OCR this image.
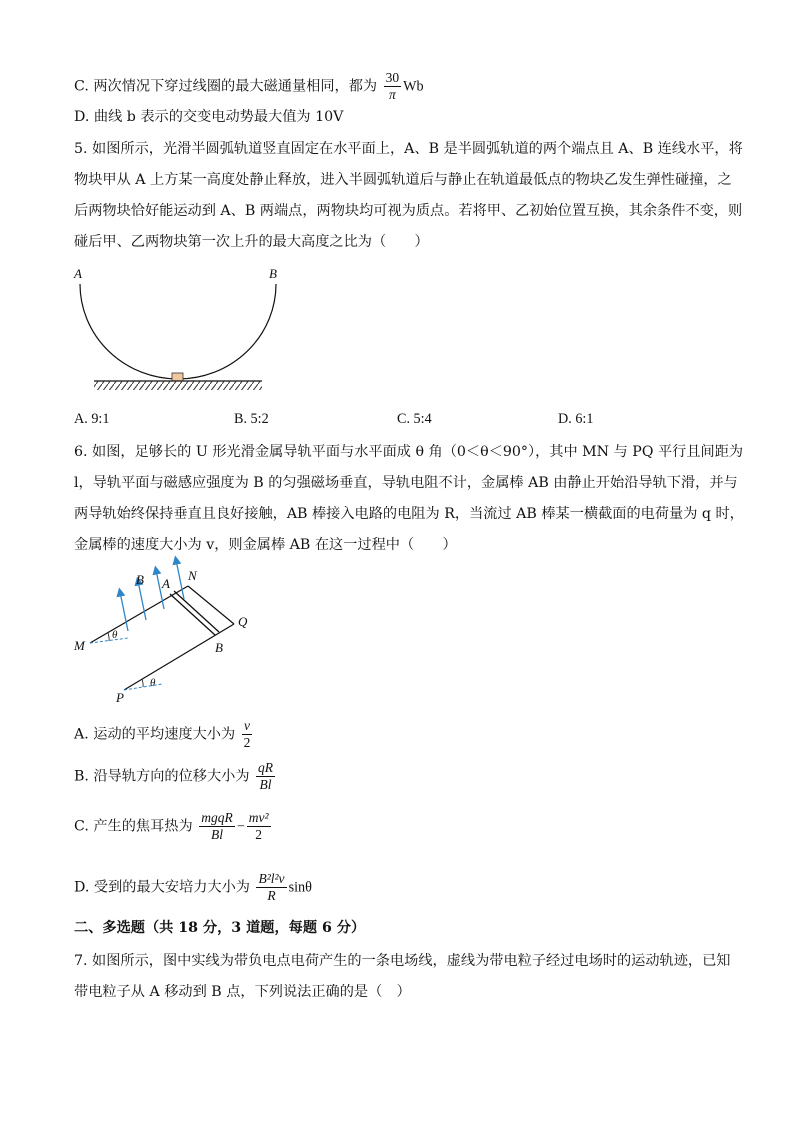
C. 两次情况下穿过线圈的最大磁通量相同，都为 $\frac{30}{\pi}$ Wb
D. 曲线 b 表示的交变电动势最大值为 10V
5. 如图所示，光滑半圆弧轨道竖直固定在水平面上，A、B 是半圆弧轨道的两个端点且 A、B 连线水平，将
物块甲从 A 上方某一高度处静止释放，进入半圆弧轨道后与静止在轨道最低点的物块乙发生弹性碰撞，之
后两物块恰好能运动到 A、B 两端点，两物块均可视为质点。若将甲、乙初始位置互换，其余条件不变，则
碰后甲、乙两物块第一次上升的最大高度之比为（　　）
A	B
A. 9:1	B. 5:2	C. 5:4	D. 6:1
6. 如图，足够长的 U 形光滑金属导轨平面与水平面成 θ 角（0＜θ＜90°），其中 MN 与 PQ 平行且间距为
l，导轨平面与磁感应强度为 B 的匀强磁场垂直，导轨电阻不计，金属棒 AB 由静止开始沿导轨下滑，并与
两导轨始终保持垂直且良好接触，AB 棒接入电路的电阻为 R，当流过 AB 棒某一横截面的电荷量为 q 时，
金属棒的速度大小为 v，则金属棒 AB 在这一过程中（　　）
B A
N
Q
M	B
P
θ
θ
A. 运动的平均速度大小为 $\frac{v}{2}$
B. 沿导轨方向的位移大小为 $\frac{qR}{Bl}$
C. 产生的焦耳热为 $\frac{\text{mgqR}}{Bl} - \frac{\text{mv²}}{2}$
D. 受到的最大安培力大小为 $\frac{\text{B²l²v}}{R}$ sinθ
二、多选题（共 18 分，3 道题，每题 6 分）
7. 如图所示，图中实线为带负电点电荷产生的一条电场线，虚线为带电粒子经过电场时的运动轨迹，已知
带电粒子从 A 移动到 B 点，下列说法正确的是（　）
